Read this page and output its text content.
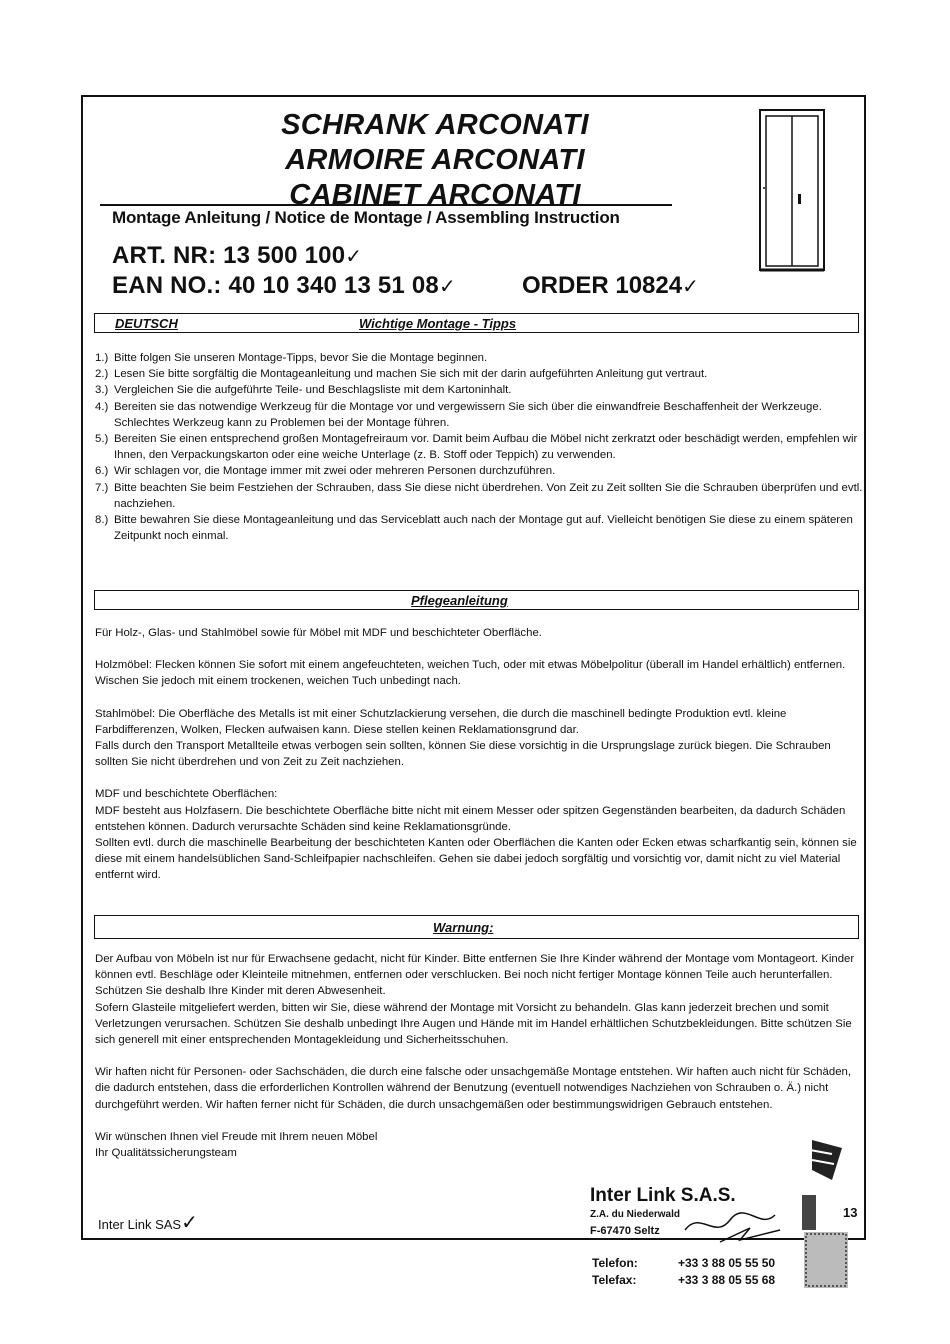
SCHRANK ARCONATI
ARMOIRE ARCONATI
CABINET ARCONATI
Montage Anleitung / Notice de Montage / Assembling Instruction
ART. NR: 13 500 100✓
EAN NO.: 40 10 340 13 51 08✓	ORDER 10824✓
DEUTSCH	Wichtige Montage - Tipps
1.) Bitte folgen Sie unseren Montage-Tipps, bevor Sie die Montage beginnen.
2.) Lesen Sie bitte sorgfältig die Montageanleitung und machen Sie sich mit der darin aufgeführten Anleitung gut vertraut.
3.) Vergleichen Sie die aufgeführte Teile- und Beschlagsliste mit dem Kartoninhalt.
4.) Bereiten sie das notwendige Werkzeug für die Montage vor und vergewissern Sie sich über die einwandfreie Beschaffenheit der Werkzeuge. Schlechtes Werkzeug kann zu Problemen bei der Montage führen.
5.) Bereiten Sie einen entsprechend großen Montagefreiraum vor. Damit beim Aufbau die Möbel nicht zerkratzt oder beschädigt werden, empfehlen wir Ihnen, den Verpackungskarton oder eine weiche Unterlage (z. B. Stoff oder Teppich) zu verwenden.
6.) Wir schlagen vor, die Montage immer mit zwei oder mehreren Personen durchzuführen.
7.) Bitte beachten Sie beim Festziehen der Schrauben, dass Sie diese nicht überdrehen. Von Zeit zu Zeit sollten Sie die Schrauben überprüfen und evtl. nachziehen.
8.) Bitte bewahren Sie diese Montageanleitung und das Serviceblatt auch nach der Montage gut auf. Vielleicht benötigen Sie diese zu einem späteren Zeitpunkt noch einmal.
Pflegeanleitung

Für Holz-, Glas- und Stahlmöbel sowie für Möbel mit MDF und beschichteter Oberfläche.

Holzmöbel: Flecken können Sie sofort mit einem angefeuchteten, weichen Tuch, oder mit etwas Möbelpolitur (überall im Handel erhältlich) entfernen. Wischen Sie jedoch mit einem trockenen, weichen Tuch unbedingt nach.

Stahlmöbel: Die Oberfläche des Metalls ist mit einer Schutzlackierung versehen, die durch die maschinell bedingte Produktion evtl. kleine Farbdifferenzen, Wolken, Flecken aufwaisen kann. Diese stellen keinen Reklamationsgrund dar.

Falls durch den Transport Metallteile etwas verbogen sein sollten, können Sie diese vorsichtig in die Ursprungslage zurück biegen. Die Schrauben sollten Sie nicht überdrehen und von Zeit zu Zeit nachziehen.

MDF und beschichtete Oberflächen:

MDF besteht aus Holzfasern. Die beschichtete Oberfläche bitte nicht mit einem Messer oder spitzen Gegenständen bearbeiten, da dadurch Schäden entstehen können. Dadurch verursachte Schäden sind keine Reklamationsgründe.

Sollten evtl. durch die maschinelle Bearbeitung der beschichteten Kanten oder Oberflächen die Kanten oder Ecken etwas scharfkantig sein, können sie diese mit einem handelsüblichen Sand-Schleifpapier nachschleifen. Gehen sie dabei jedoch sorgfältig und vorsichtig vor, damit nicht zu viel Material entfernt wird.

Warnung:

Der Aufbau von Möbeln ist nur für Erwachsene gedacht, nicht für Kinder. Bitte entfernen Sie Ihre Kinder während der Montage vom Montageort. Kinder können evtl. Beschläge oder Kleinteile mitnehmen, entfernen oder verschlucken. Bei noch nicht fertiger Montage können Teile auch herunterfallen. Schützen Sie deshalb Ihre Kinder mit deren Abwesenheit.

Sofern Glasteile mitgeliefert werden, bitten wir Sie, diese während der Montage mit Vorsicht zu behandeln. Glas kann jederzeit brechen und somit Verletzungen verursachen. Schützen Sie deshalb unbedingt Ihre Augen und Hände mit im Handel erhältlichen Schutzbekleidungen. Bitte schützen Sie sich generell mit einer entsprechenden Montagekleidung und Sicherheitsschuhen.

Wir haften nicht für Personen- oder Sachschäden, die durch eine falsche oder unsachgemäße Montage entstehen. Wir haften auch nicht für Schäden, die dadurch entstehen, dass die erforderlichen Kontrollen während der Benutzung (eventuell notwendiges Nachziehen von Schrauben o. Ä.) nicht durchgeführt werden. Wir haften ferner nicht für Schäden, die durch unsachgemäßen oder bestimmungswidrigen Gebrauch entstehen.

Wir wünschen Ihnen viel Freude mit Ihrem neuen Möbel

Ihr Qualitätssicherungsteam

Inter Link SAS✓
Inter Link S.A.S.
Z.A. du Niederwald
F-67470 Seltz
Telefon:	+33 3 88 05 55 50
Telefax:	+33 3 88 05 55 68
13
